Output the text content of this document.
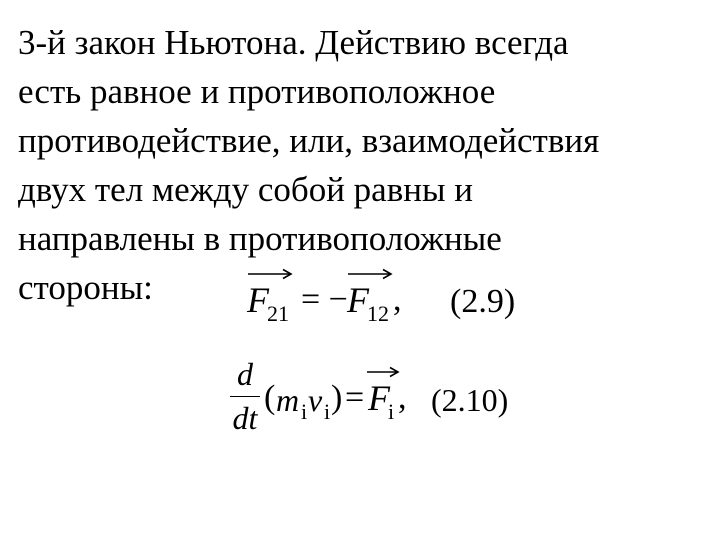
3-й закон Ньютона. Действию всегда
есть равное и противоположное
противодействие, или, взаимодействия
двух тел между собой равны и
направлены в противоположные
стороны:	F
21 = − F
12 , (2.9)
d
dt
( m i v i ) = F
i , (2.10)
